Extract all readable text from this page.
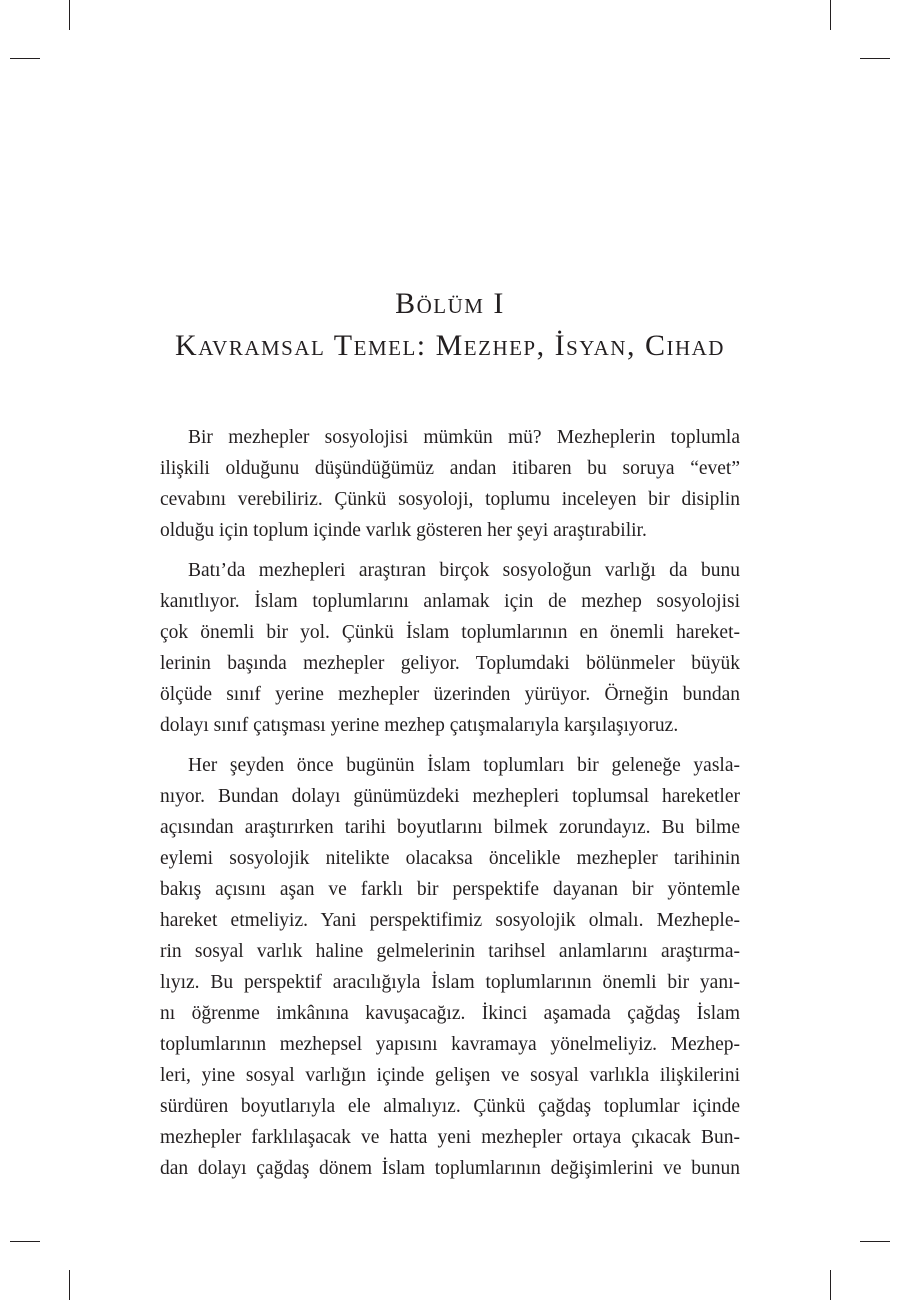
Bölüm I
Kavramsal Temel: Mezhep, İsyan, Cihad
Bir mezhepler sosyolojisi mümkün mü? Mezheplerin toplumla
ilişkili olduğunu düşündüğümüz andan itibaren bu soruya “evet”
cevabını verebiliriz. Çünkü sosyoloji, toplumu inceleyen bir disiplin
olduğu için toplum içinde varlık gösteren her şeyi araştırabilir.
Batı’da mezhepleri araştıran birçok sosyoloğun varlığı da bunu
kanıtlıyor. İslam toplumlarını anlamak için de mezhep sosyolojisi
çok önemli bir yol. Çünkü İslam toplumlarının en önemli hareket-
lerinin başında mezhepler geliyor. Toplumdaki bölünmeler büyük
ölçüde sınıf yerine mezhepler üzerinden yürüyor. Örneğin bundan
dolayı sınıf çatışması yerine mezhep çatışmalarıyla karşılaşıyoruz.
Her şeyden önce bugünün İslam toplumları bir geleneğe yasla-
nıyor. Bundan dolayı günümüzdeki mezhepleri toplumsal hareketler
açısından araştırırken tarihi boyutlarını bilmek zorundayız. Bu bilme
eylemi sosyolojik nitelikte olacaksa öncelikle mezhepler tarihinin
bakış açısını aşan ve farklı bir perspektife dayanan bir yöntemle
hareket etmeliyiz. Yani perspektifimiz sosyolojik olmalı. Mezheple-
rin sosyal varlık haline gelmelerinin tarihsel anlamlarını araştırma-
lıyız. Bu perspektif aracılığıyla İslam toplumlarının önemli bir yanı-
nı öğrenme imkânına kavuşacağız. İkinci aşamada çağdaş İslam
toplumlarının mezhepsel yapısını kavramaya yönelmeliyiz. Mezhep-
leri, yine sosyal varlığın içinde gelişen ve sosyal varlıkla ilişkilerini
sürdüren boyutlarıyla ele almalıyız. Çünkü çağdaş toplumlar içinde
mezhepler farklılaşacak ve hatta yeni mezhepler ortaya çıkacak Bun-
dan dolayı çağdaş dönem İslam toplumlarının değişimlerini ve bunun
